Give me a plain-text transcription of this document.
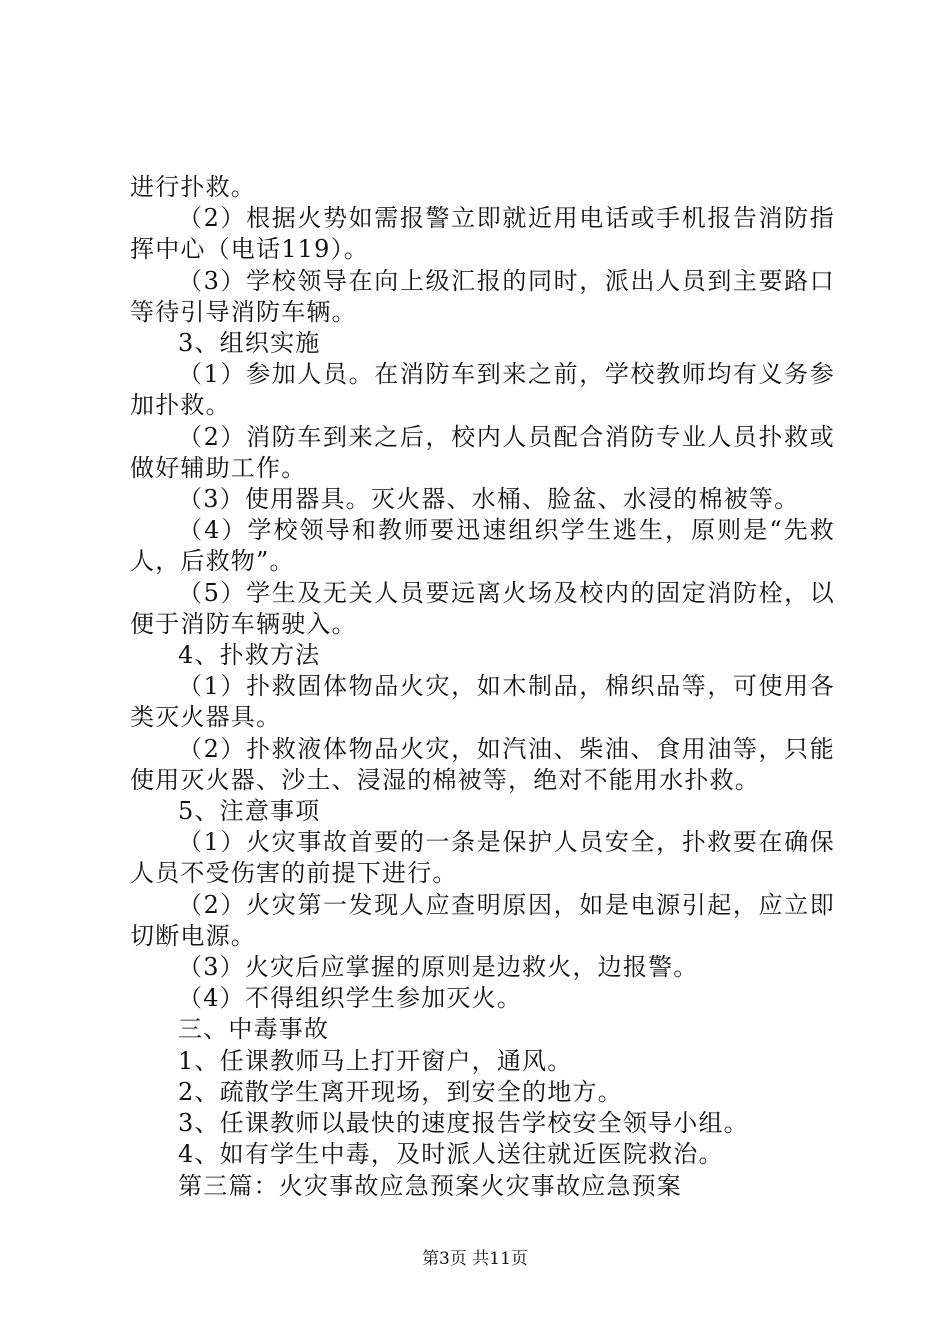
进行扑救。

（2）根据火势如需报警立即就近用电话或手机报告消防指挥中心（电话119）。

（3）学校领导在向上级汇报的同时，派出人员到主要路口等待引导消防车辆。

3、组织实施

（1）参加人员。在消防车到来之前，学校教师均有义务参加扑救。

（2）消防车到来之后，校内人员配合消防专业人员扑救或做好辅助工作。

（3）使用器具。灭火器、水桶、脸盆、水浸的棉被等。

（4）学校领导和教师要迅速组织学生逃生，原则是“先救人，后救物”。

（5）学生及无关人员要远离火场及校内的固定消防栓，以便于消防车辆驶入。

4、扑救方法

（1）扑救固体物品火灾，如木制品，棉织品等，可使用各类灭火器具。

（2）扑救液体物品火灾，如汽油、柴油、食用油等，只能使用灭火器、沙土、浸湿的棉被等，绝对不能用水扑救。

5、注意事项

（1）火灾事故首要的一条是保护人员安全，扑救要在确保人员不受伤害的前提下进行。

（2）火灾第一发现人应查明原因，如是电源引起，应立即切断电源。

（3）火灾后应掌握的原则是边救火，边报警。

（4）不得组织学生参加灭火。

三、中毒事故

1、任课教师马上打开窗户，通风。

2、疏散学生离开现场，到安全的地方。

3、任课教师以最快的速度报告学校安全领导小组。

4、如有学生中毒，及时派人送往就近医院救治。

第三篇：火灾事故应急预案火灾事故应急预案

第3页 共11页
